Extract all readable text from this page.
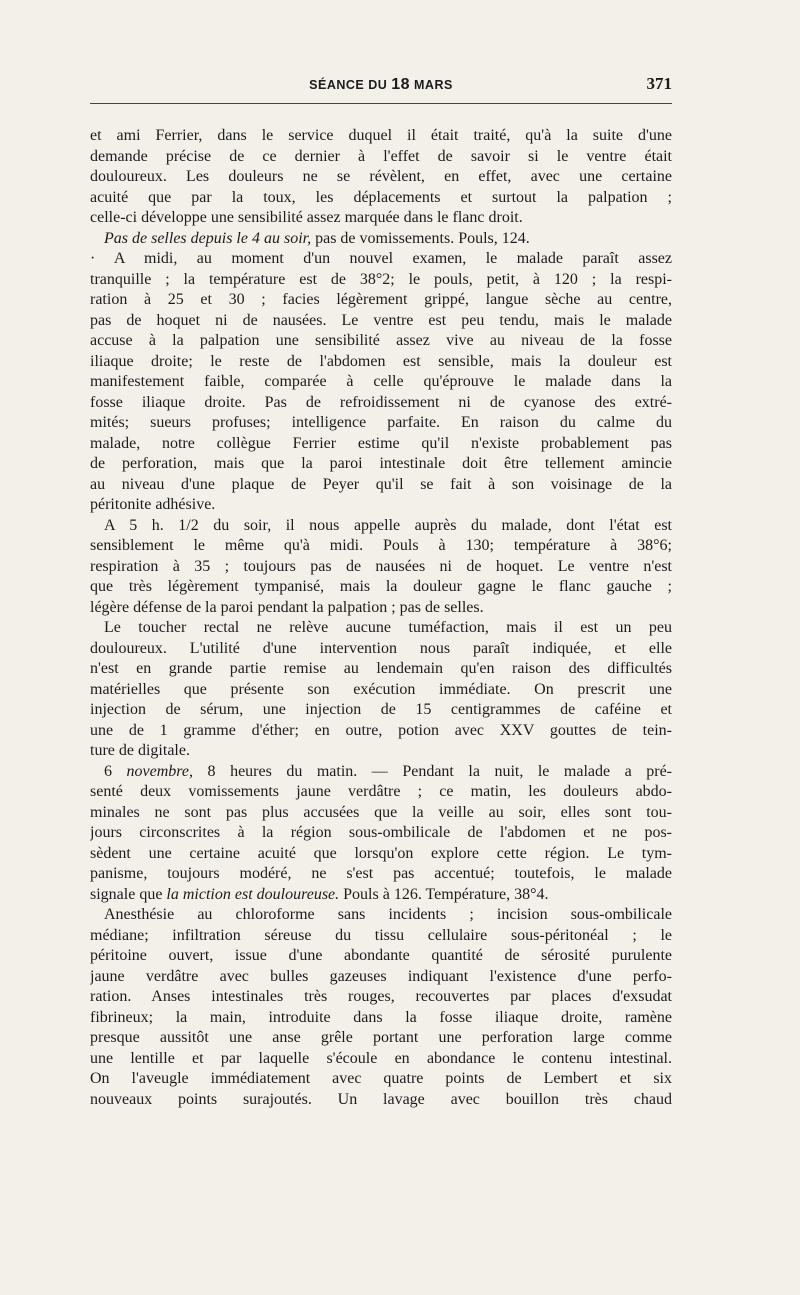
SÉANCE DU 18 MARS	371
et ami Ferrier, dans le service duquel il était traité, qu'à la suite d'une
demande précise de ce dernier à l'effet de savoir si le ventre était
douloureux. Les douleurs ne se révèlent, en effet, avec une certaine
acuité que par la toux, les déplacements et surtout la palpation ;
celle-ci développe une sensibilité assez marquée dans le flanc droit.
Pas de selles depuis le 4 au soir, pas de vomissements. Pouls, 124.
· A midi, au moment d'un nouvel examen, le malade paraît assez
tranquille ; la température est de 38°2; le pouls, petit, à 120 ; la respi-
ration à 25 et 30 ; facies légèrement grippé, langue sèche au centre,
pas de hoquet ni de nausées. Le ventre est peu tendu, mais le malade
accuse à la palpation une sensibilité assez vive au niveau de la fosse
iliaque droite; le reste de l'abdomen est sensible, mais la douleur est
manifestement faible, comparée à celle qu'éprouve le malade dans la
fosse iliaque droite. Pas de refroidissement ni de cyanose des extré-
mités; sueurs profuses; intelligence parfaite. En raison du calme du
malade, notre collègue Ferrier estime qu'il n'existe probablement pas
de perforation, mais que la paroi intestinale doit être tellement amincie
au niveau d'une plaque de Peyer qu'il se fait à son voisinage de la
péritonite adhésive.
A 5 h. 1/2 du soir, il nous appelle auprès du malade, dont l'état est
sensiblement le même qu'à midi. Pouls à 130; température à 38°6;
respiration à 35 ; toujours pas de nausées ni de hoquet. Le ventre n'est
que très légèrement tympanisé, mais la douleur gagne le flanc gauche ;
légère défense de la paroi pendant la palpation ; pas de selles.
Le toucher rectal ne relève aucune tuméfaction, mais il est un peu
douloureux. L'utilité d'une intervention nous paraît indiquée, et elle
n'est en grande partie remise au lendemain qu'en raison des difficultés
matérielles que présente son exécution immédiate. On prescrit une
injection de sérum, une injection de 15 centigrammes de caféine et
une de 1 gramme d'éther; en outre, potion avec XXV gouttes de tein-
ture de digitale.
6 novembre, 8 heures du matin. — Pendant la nuit, le malade a pré-
senté deux vomissements jaune verdâtre ; ce matin, les douleurs abdo-
minales ne sont pas plus accusées que la veille au soir, elles sont tou-
jours circonscrites à la région sous-ombilicale de l'abdomen et ne pos-
sèdent une certaine acuité que lorsqu'on explore cette région. Le tym-
panisme, toujours modéré, ne s'est pas accentué; toutefois, le malade
signale que la miction est douloureuse. Pouls à 126. Température, 38°4.
Anesthésie au chloroforme sans incidents ; incision sous-ombilicale
médiane; infiltration séreuse du tissu cellulaire sous-péritonéal ; le
péritoine ouvert, issue d'une abondante quantité de sérosité purulente
jaune verdâtre avec bulles gazeuses indiquant l'existence d'une perfo-
ration. Anses intestinales très rouges, recouvertes par places d'exsudat
fibrineux; la main, introduite dans la fosse iliaque droite, ramène
presque aussitôt une anse grêle portant une perforation large comme
une lentille et par laquelle s'écoule en abondance le contenu intestinal.
On l'aveugle immédiatement avec quatre points de Lembert et six
nouveaux points surajoutés. Un lavage avec bouillon très chaud
